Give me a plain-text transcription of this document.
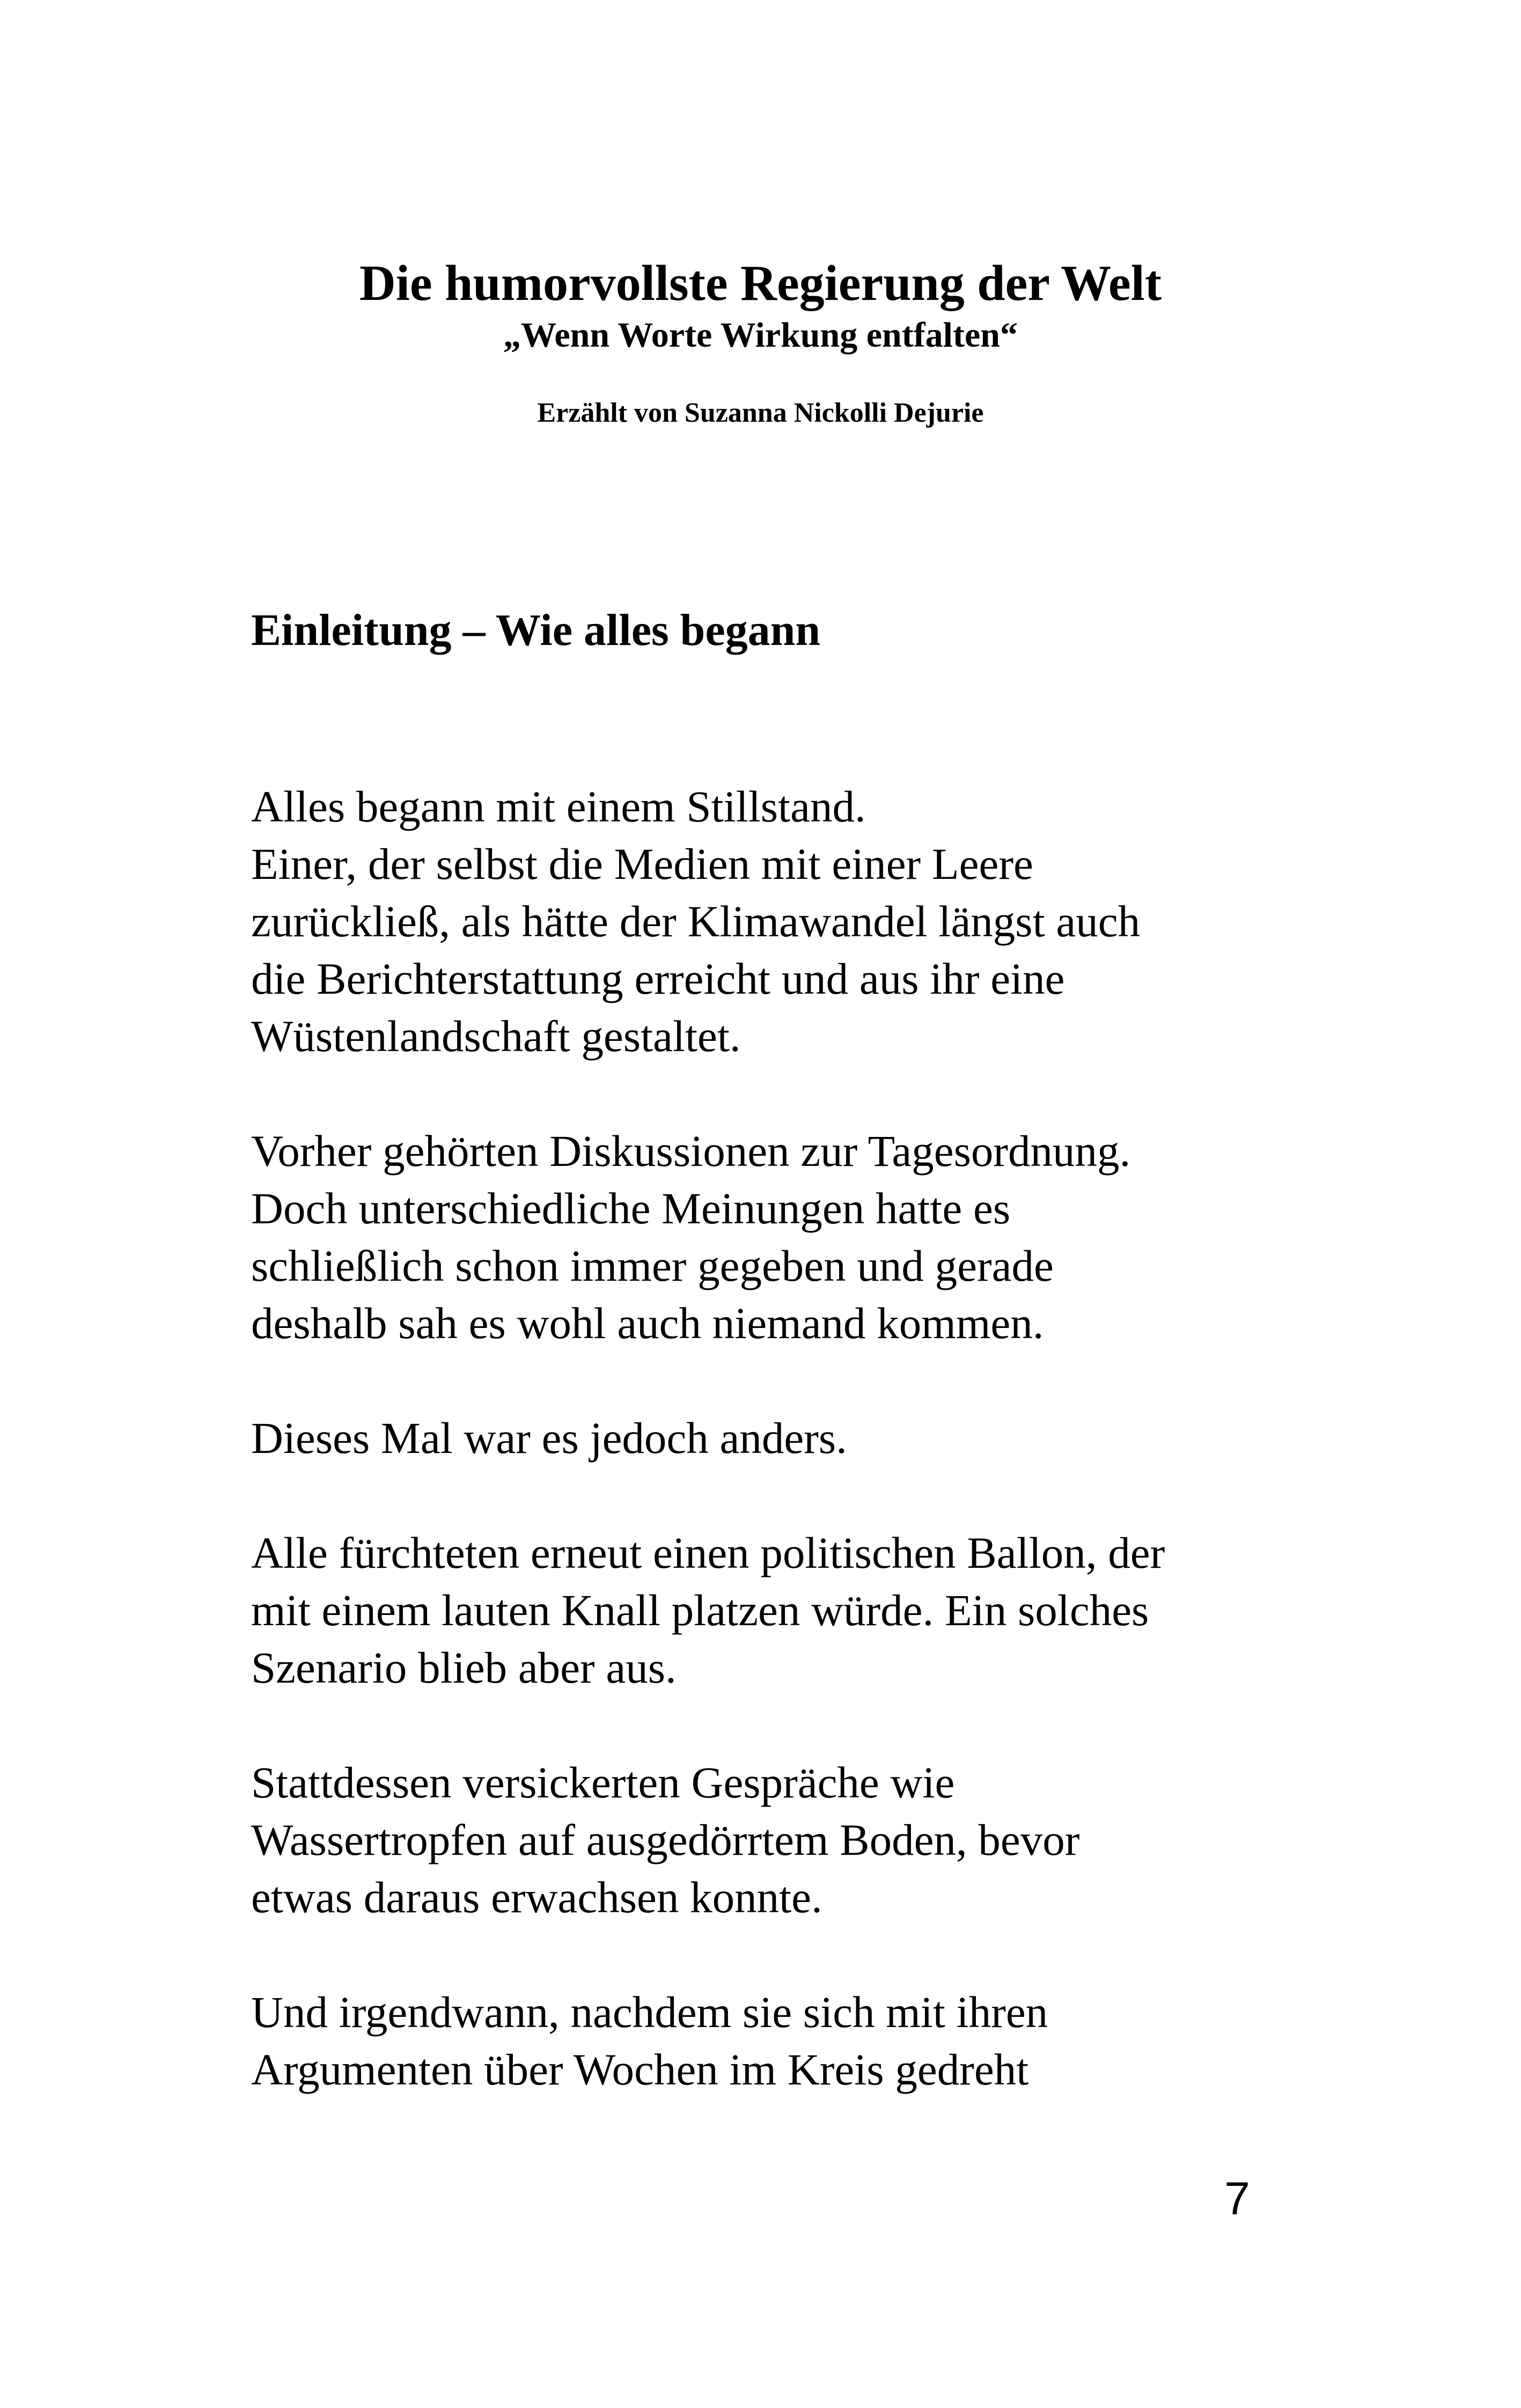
Die humorvollste Regierung der Welt
„Wenn Worte Wirkung entfalten“
Erzählt von Suzanna Nickolli Dejurie
Einleitung – Wie alles begann

Alles begann mit einem Stillstand.
Einer, der selbst die Medien mit einer Leere
zurückließ, als hätte der Klimawandel längst auch
die Berichterstattung erreicht und aus ihr eine
Wüstenlandschaft gestaltet.

Vorher gehörten Diskussionen zur Tagesordnung.
Doch unterschiedliche Meinungen hatte es
schließlich schon immer gegeben und gerade
deshalb sah es wohl auch niemand kommen.

Dieses Mal war es jedoch anders.

Alle fürchteten erneut einen politischen Ballon, der
mit einem lauten Knall platzen würde. Ein solches
Szenario blieb aber aus.

Stattdessen versickerten Gespräche wie
Wassertropfen auf ausgedörrtem Boden, bevor
etwas daraus erwachsen konnte.

Und irgendwann, nachdem sie sich mit ihren
Argumenten über Wochen im Kreis gedreht

7
